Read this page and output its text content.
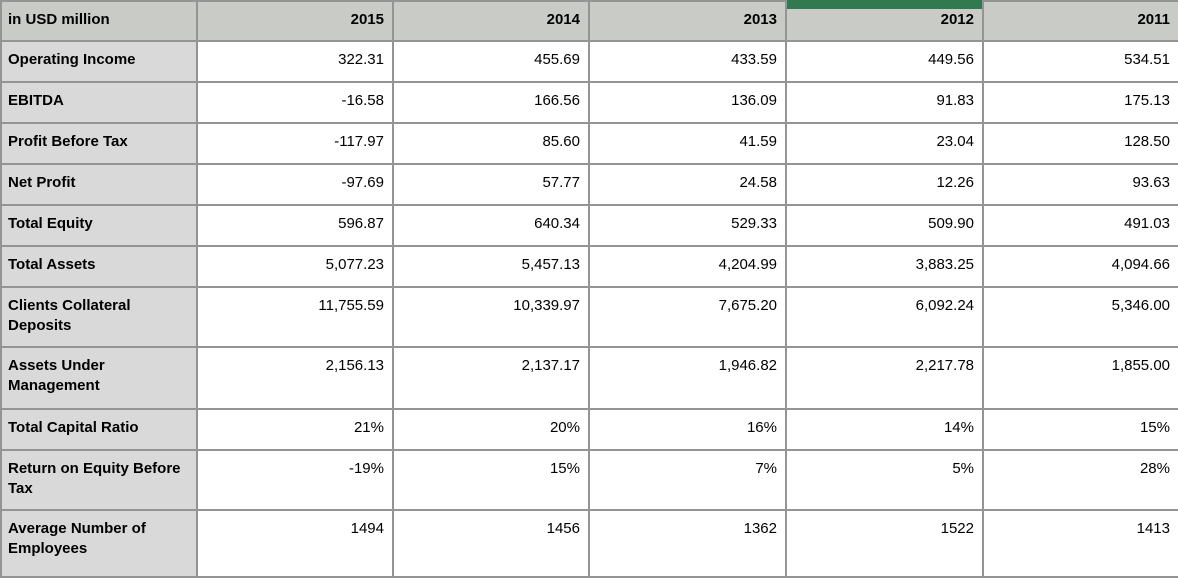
in USD million	2015	2014	2013	2012	2011
Operating Income	322.31	455.69	433.59	449.56	534.51
EBITDA	-16.58	166.56	136.09	91.83	175.13
Profit Before Tax	-117.97	85.60	41.59	23.04	128.50
Net Profit	-97.69	57.77	24.58	12.26	93.63
Total Equity	596.87	640.34	529.33	509.90	491.03
Total Assets	5,077.23	5,457.13	4,204.99	3,883.25	4,094.66
Clients Collateral Deposits	11,755.59	10,339.97	7,675.20	6,092.24	5,346.00
Assets Under Management	2,156.13	2,137.17	1,946.82	2,217.78	1,855.00
Total Capital Ratio	21%	20%	16%	14%	15%
Return on Equity Before Tax	-19%	15%	7%	5%	28%
Average Number of Employees	1494	1456	1362	1522	1413
